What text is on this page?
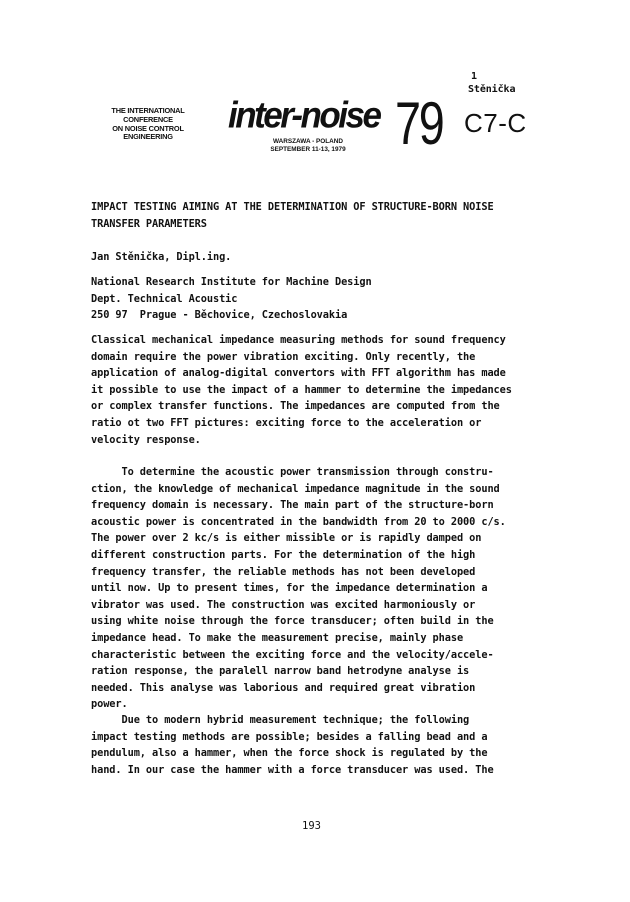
1
Stěnička
THE INTERNATIONAL
CONFERENCE
ON NOISE CONTROL
ENGINEERING
inter-noise 79
WARSZAWA - POLAND
SEPTEMBER 11-13, 1979
C7-C
IMPACT TESTING AIMING AT THE DETERMINATION OF STRUCTURE-BORN NOISE
TRANSFER PARAMETERS
Jan Stěnička, Dipl.ing.
National Research Institute for Machine Design
Dept. Technical Acoustic
250 97  Prague - Běchovice, Czechoslovakia
Classical mechanical impedance measuring methods for sound frequency
domain require the power vibration exciting. Only recently, the
application of analog-digital convertors with FFT algorithm has made
it possible to use the impact of a hammer to determine the impedances
or complex transfer functions. The impedances are computed from the
ratio ot two FFT pictures: exciting force to the acceleration or
velocity response.
To determine the acoustic power transmission through constru-
ction, the knowledge of mechanical impedance magnitude in the sound
frequency domain is necessary. The main part of the structure-born
acoustic power is concentrated in the bandwidth from 20 to 2000 c/s.
The power over 2 kc/s is either missible or is rapidly damped on
different construction parts. For the determination of the high
frequency transfer, the reliable methods has not been developed
until now. Up to present times, for the impedance determination a
vibrator was used. The construction was excited harmoniously or
using white noise through the force transducer; often build in the
impedance head. To make the measurement precise, mainly phase
characteristic between the exciting force and the velocity/accele-
ration response, the paralell narrow band hetrodyne analyse is
needed. This analyse was laborious and required great vibration
power.
Due to modern hybrid measurement technique; the following
impact testing methods are possible; besides a falling bead and a
pendulum, also a hammer, when the force shock is regulated by the
hand. In our case the hammer with a force transducer was used. The
193
